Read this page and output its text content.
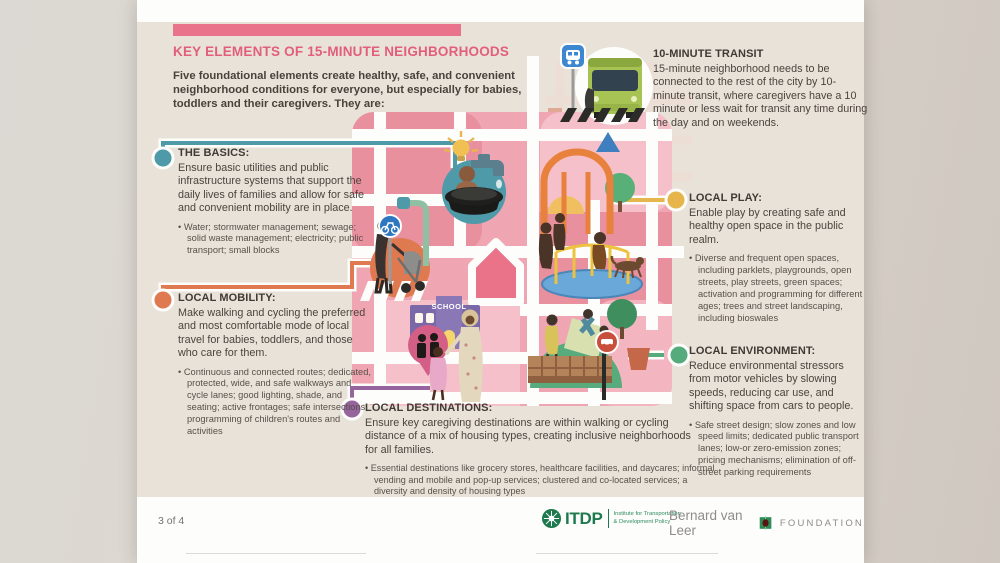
SCHOOL
KEY ELEMENTS OF 15-MINUTE NEIGHBORHOODS
Five foundational elements create healthy, safe, and convenient neighborhood conditions for everyone, but especially for babies, toddlers and their caregivers. They are:
10-MINUTE TRANSIT
15-minute neighborhood needs to be connected to the rest of the city by 10-minute transit, where caregivers have a 10 minute or less wait for transit any time during the day and on weekends.
THE BASICS:
Ensure basic utilities and public infrastructure systems that support the daily lives of families and allow for safe and convenient mobility are in place.
• Water; stormwater management; sewage; solid waste management; electricity; public transport; small blocks
LOCAL MOBILITY:
Make walking and cycling the preferred and most comfortable mode of local travel for babies, toddlers, and those who care for them.
• Continuous and connected routes; dedicated, protected, wide, and safe walkways and cycle lanes; good lighting, shade, and seating; active frontages; safe intersections; programming of children's routes and activities
LOCAL PLAY:
Enable play by creating safe and healthy open space in the public realm.
• Diverse and frequent open spaces, including parklets, playgrounds, open streets, play streets, green spaces; activation and programming for different ages; trees and street landscaping, including bioswales
LOCAL ENVIRONMENT:
Reduce environmental stressors from motor vehicles by slowing speeds, reducing car use, and shifting space from cars to people.
• Safe street design; slow zones and low speed limits; dedicated public transport lanes; low-or zero-emission zones; pricing mechanisms; elimination of off-street parking requirements
LOCAL DESTINATIONS:
Ensure key caregiving destinations are within walking or cycling distance of a mix of housing types, creating inclusive neighborhoods for all families.
• Essential destinations like grocery stores, healthcare facilities, and daycares; informal vending and mobile and pop-up services; clustered and co-located services; a diversity and density of housing types
3 of 4	ITDP Institute for Transportation
& Development Policy
Bernard van Leer	FOUNDATION
